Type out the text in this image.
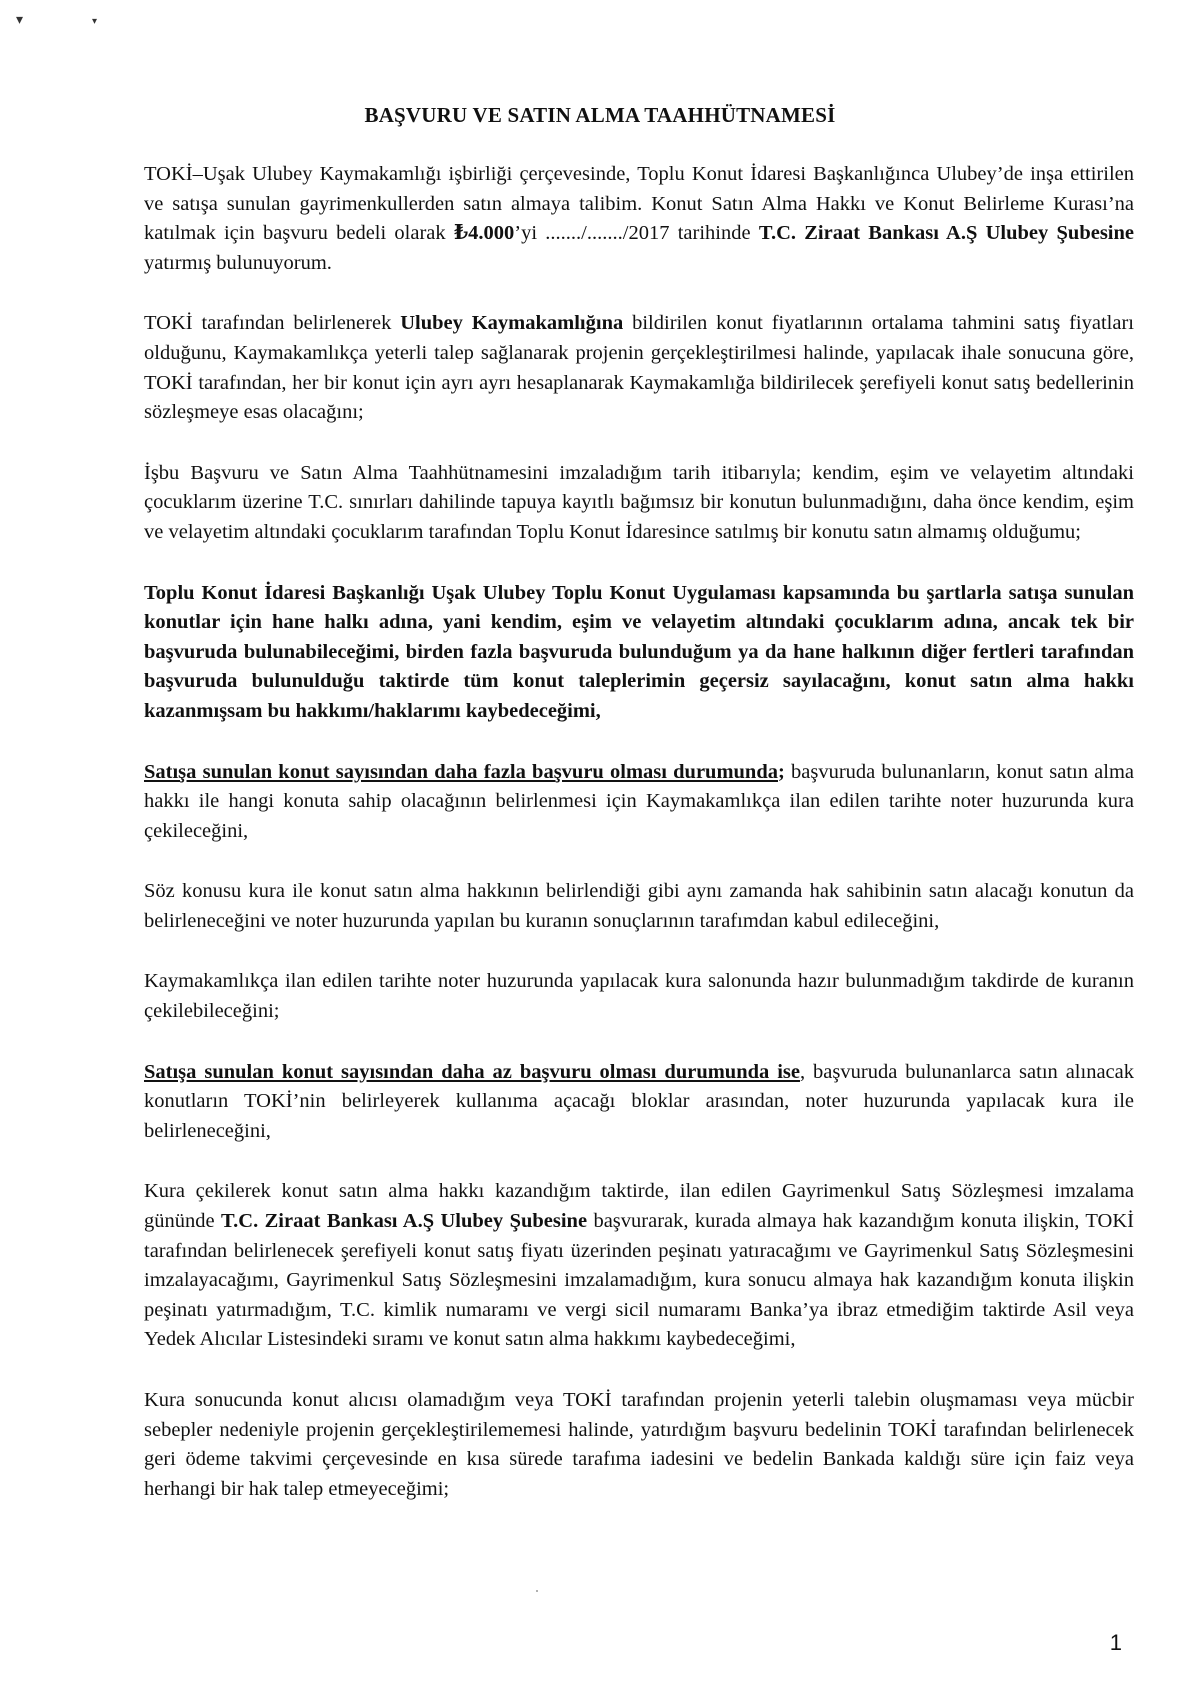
▾	▾
BAŞVURU VE SATIN ALMA TAAHHÜTNAMESİ

TOKİ–Uşak Ulubey Kaymakamlığı işbirliği çerçevesinde, Toplu Konut İdaresi Başkanlığınca Ulubey’de inşa ettirilen ve satışa sunulan gayrimenkullerden satın almaya talibim. Konut Satın Alma Hakkı ve Konut Belirleme Kurası’na katılmak için başvuru bedeli olarak ₺4.000’yi ......./......./2017 tarihinde T.C. Ziraat Bankası A.Ş Ulubey Şubesine yatırmış bulunuyorum.

TOKİ tarafından belirlenerek Ulubey Kaymakamlığına bildirilen konut fiyatlarının ortalama tahmini satış fiyatları olduğunu, Kaymakamlıkça yeterli talep sağlanarak projenin gerçekleştirilmesi halinde, yapılacak ihale sonucuna göre, TOKİ tarafından, her bir konut için ayrı ayrı hesaplanarak Kaymakamlığa bildirilecek şerefiyeli konut satış bedellerinin sözleşmeye esas olacağını;

İşbu Başvuru ve Satın Alma Taahhütnamesini imzaladığım tarih itibarıyla; kendim, eşim ve velayetim altındaki çocuklarım üzerine T.C. sınırları dahilinde tapuya kayıtlı bağımsız bir konutun bulunmadığını, daha önce kendim, eşim ve velayetim altındaki çocuklarım tarafından Toplu Konut İdaresince satılmış bir konutu satın almamış olduğumu;

Toplu Konut İdaresi Başkanlığı Uşak Ulubey Toplu Konut Uygulaması kapsamında bu şartlarla satışa sunulan konutlar için hane halkı adına, yani kendim, eşim ve velayetim altındaki çocuklarım adına, ancak tek bir başvuruda bulunabileceğimi, birden fazla başvuruda bulunduğum ya da hane halkının diğer fertleri tarafından başvuruda bulunulduğu taktirde tüm konut taleplerimin geçersiz sayılacağını, konut satın alma hakkı kazanmışsam bu hakkımı/haklarımı kaybedeceğimi,

Satışa sunulan konut sayısından daha fazla başvuru olması durumunda; başvuruda bulunanların, konut satın alma hakkı ile hangi konuta sahip olacağının belirlenmesi için Kaymakamlıkça ilan edilen tarihte noter huzurunda kura çekileceğini,

Söz konusu kura ile konut satın alma hakkının belirlendiği gibi aynı zamanda hak sahibinin satın alacağı konutun da belirleneceğini ve noter huzurunda yapılan bu kuranın sonuçlarının tarafımdan kabul edileceğini,

Kaymakamlıkça ilan edilen tarihte noter huzurunda yapılacak kura salonunda hazır bulunmadığım takdirde de kuranın çekilebileceğini;

Satışa sunulan konut sayısından daha az başvuru olması durumunda ise, başvuruda bulunanlarca satın alınacak konutların TOKİ’nin belirleyerek kullanıma açacağı bloklar arasından, noter huzurunda yapılacak kura ile belirleneceğini,

Kura çekilerek konut satın alma hakkı kazandığım taktirde, ilan edilen Gayrimenkul Satış Sözleşmesi imzalama gününde T.C. Ziraat Bankası A.Ş Ulubey Şubesine başvurarak, kurada almaya hak kazandığım konuta ilişkin, TOKİ tarafından belirlenecek şerefiyeli konut satış fiyatı üzerinden peşinatı yatıracağımı ve Gayrimenkul Satış Sözleşmesini imzalayacağımı, Gayrimenkul Satış Sözleşmesini imzalamadığım, kura sonucu almaya hak kazandığım konuta ilişkin peşinatı yatırmadığım, T.C. kimlik numaramı ve vergi sicil numaramı Banka’ya ibraz etmediğim taktirde Asil veya Yedek Alıcılar Listesindeki sıramı ve konut satın alma hakkımı kaybedeceğimi,

Kura sonucunda konut alıcısı olamadığım veya TOKİ tarafından projenin yeterli talebin oluşmaması veya mücbir sebepler nedeniyle projenin gerçekleştirilememesi halinde, yatırdığım başvuru bedelinin TOKİ tarafından belirlenecek geri ödeme takvimi çerçevesinde en kısa sürede tarafıma iadesini ve bedelin Bankada kaldığı süre için faiz veya herhangi bir hak talep etmeyeceğimi;

1
